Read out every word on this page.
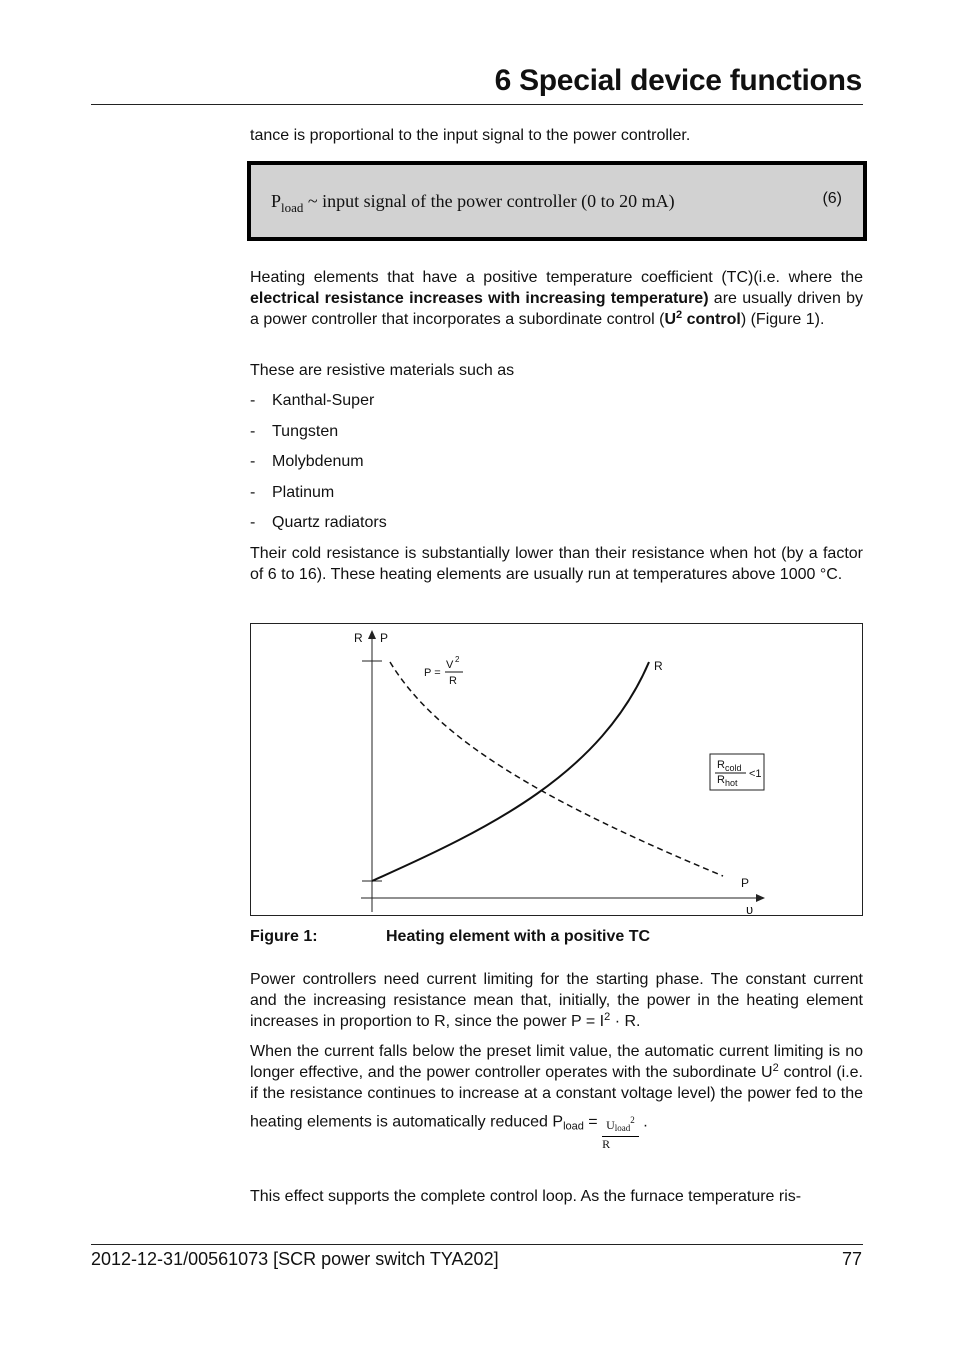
6 Special device functions
tance is proportional to the input signal to the power controller.
$P_{load}$ ~ input signal of the power controller (0 to 20 mA)	(6)
Heating elements that have a positive temperature coefficient (TC)(i.e. where the electrical resistance increases with increasing temperature) are usually driven by a power controller that incorporates a subordinate control ($U^2$ control) (Figure 1).
These are resistive materials such as
- Kanthal-Super
- Tungsten
- Molybdenum
- Platinum
- Quartz radiators
Their cold resistance is substantially lower than their resistance when hot (by a factor of 6 to 16). These heating elements are usually run at temperatures above 1000 °C.
R P
υ
R
P
P =
V 2
R
R cold
R hot
<1
Figure 1:	Heating element with a positive TC
Power controllers need current limiting for the starting phase. The constant current and the increasing resistance mean that, initially, the power in the heating element increases in proportion to R, since the power $P = I^2 \cdot R$.
When the current falls below the preset limit value, the automatic current limiting is no longer effective, and the power controller operates with the subordinate $U^2$ control (i.e. if the resistance continues to increase at a constant voltage level) the power fed to the heating elements is automatically reduced $P_{load} = \frac{U_{load}^2}{R}$ .
This effect supports the complete control loop. As the furnace temperature ris-
2012-12-31/00561073 [SCR power switch TYA202]	77
